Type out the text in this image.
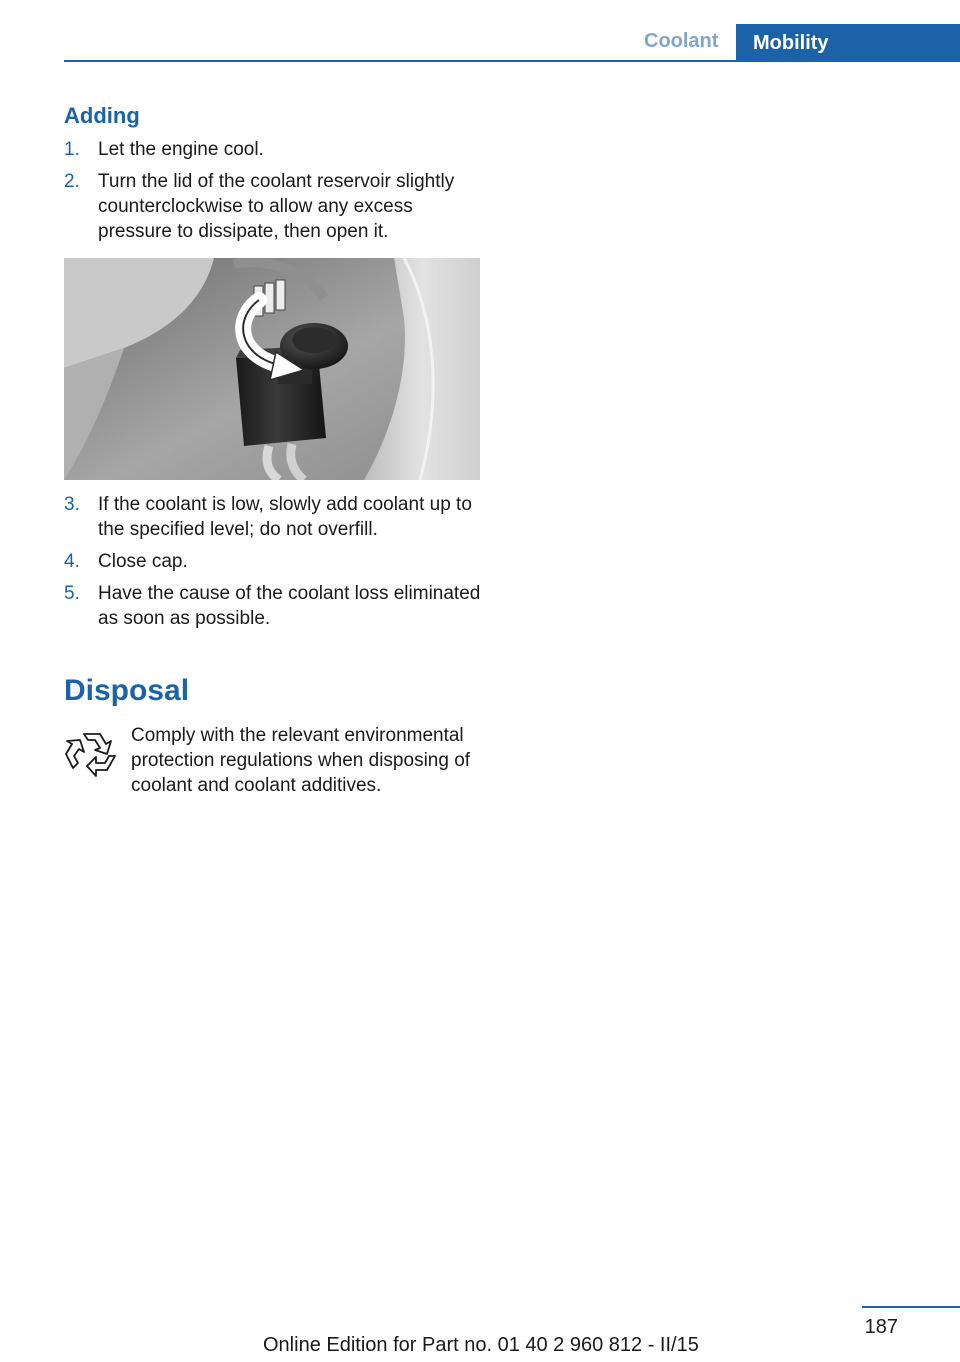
Coolant	Mobility
Adding
1. Let the engine cool.
2. Turn the lid of the coolant reservoir slightly counterclockwise to allow any excess pressure to dissipate, then open it.
3. If the coolant is low, slowly add coolant up to the specified level; do not overfill.
4. Close cap.
5. Have the cause of the coolant loss eliminated as soon as possible.
Disposal
Comply with the relevant environmental protection regulations when disposing of coolant and coolant additives.
187
Online Edition for Part no. 01 40 2 960 812 - II/15
